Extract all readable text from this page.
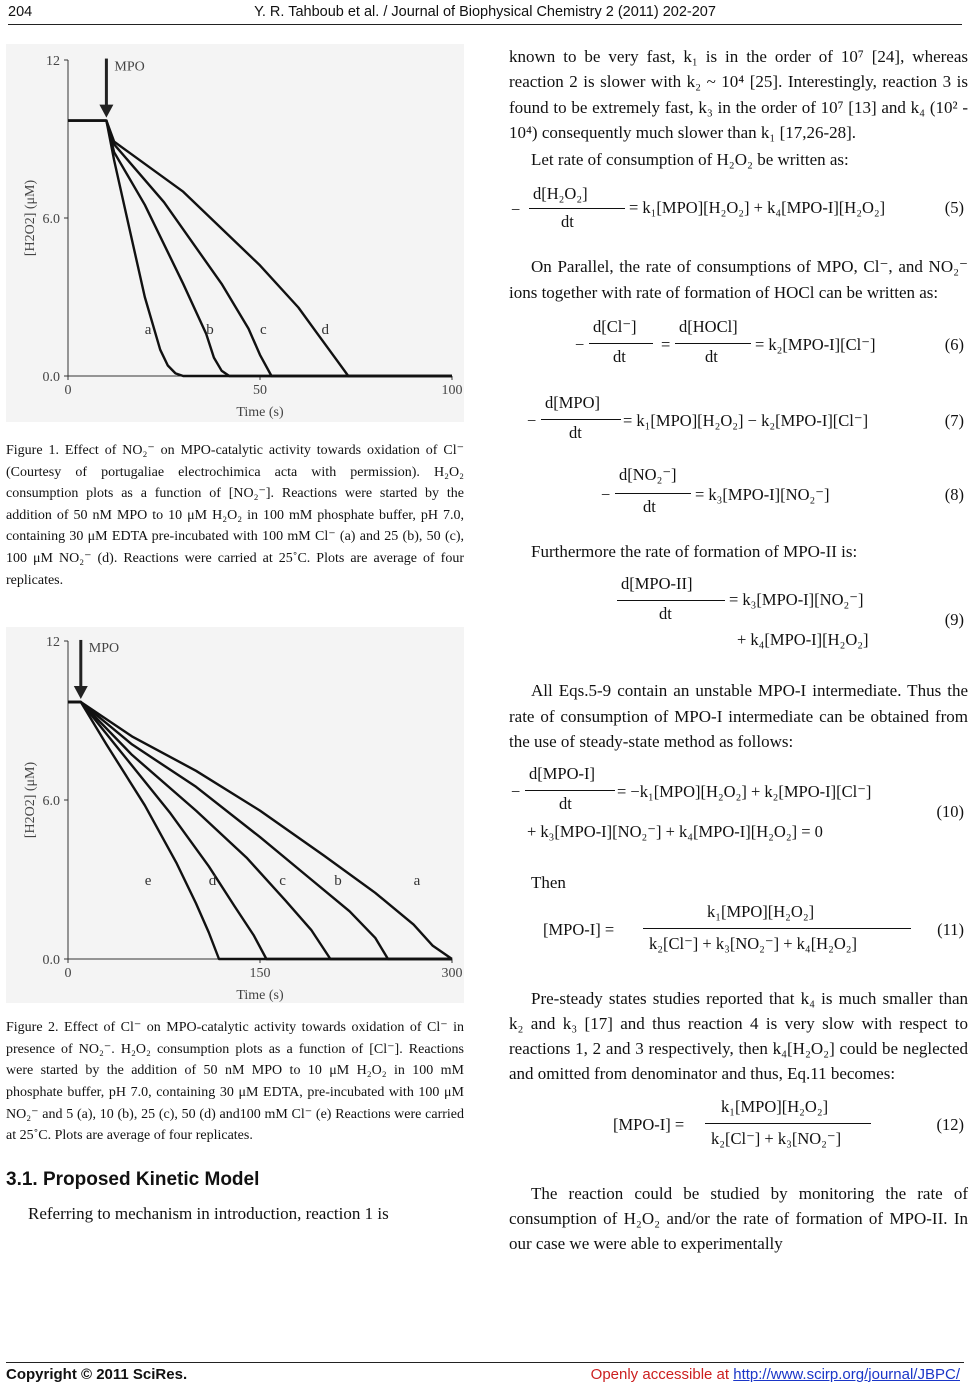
204	Y. R. Tahboub et al. / Journal of Biophysical Chemistry 2 (2011) 202-207
0.0
6.0
12
0	50	100
Time (s)
[H2O2] (μM)
MPO
a	b	c	d

Figure 1. Effect of NO₂⁻ on MPO-catalytic activity towards oxidation of Cl⁻ (Courtesy of portugaliae electrochimica acta with permission). H₂O₂ consumption plots as a function of [NO₂⁻]. Reactions were started by the addition of 50 nM MPO to 10 μM H₂O₂ in 100 mM phosphate buffer, pH 7.0, containing 30 μM EDTA pre-incubated with 100 mM Cl⁻ (a) and 25 (b), 50 (c), 100 μM NO₂⁻ (d). Reactions were carried at 25˚C. Plots are average of four replicates.

0.0
6.0
12
0	150	300
Time (s)
[H2O2] (μM)
MPO
a
b
c
d
e

Figure 2. Effect of Cl⁻ on MPO-catalytic activity towards oxidation of Cl⁻ in presence of NO₂⁻. H₂O₂ consumption plots as a function of [Cl⁻]. Reactions were started by the addition of 50 nM MPO to 10 μM H₂O₂ in 100 mM phosphate buffer, pH 7.0, containing 30 μM EDTA, pre-incubated with 100 μM NO₂⁻ and 5 (a), 10 (b), 25 (c), 50 (d) and100 mM Cl⁻ (e) Reactions were carried at 25˚C. Plots are average of four replicates.

3.1. Proposed Kinetic Model

Referring to mechanism in introduction, reaction 1 is

known to be very fast, k₁ is in the order of 10⁷ [24], whereas reaction 2 is slower with k₂ ~ 10⁴ [25]. Interestingly, reaction 3 is found to be extremely fast, k₃ in the order of 10⁷ [13] and k₄ (10² - 10⁴) consequently much slower than k₁ [17,26-28].

Let rate of consumption of H₂O₂ be written as:

−
d[H₂O₂]
dt
= k₁[MPO][H₂O₂] + k₄[MPO-I][H₂O₂]	(5)

On Parallel, the rate of consumptions of MPO, Cl⁻, and NO₂⁻ ions together with rate of formation of HOCl can be written as:

−
d[Cl⁻]
dt
=
d[HOCl]
dt
= k₂[MPO-I][Cl⁻]	(6)
−
d[MPO]
dt
= k₁[MPO][H₂O₂] − k₂[MPO-I][Cl⁻]	(7)
−
d[NO₂⁻]
dt
= k₃[MPO-I][NO₂⁻]	(8)

Furthermore the rate of formation of MPO-II is:

d[MPO-II]
dt
= k₃[MPO-I][NO₂⁻]
+ k₄[MPO-I][H₂O₂]
(9)

All Eqs.5-9 contain an unstable MPO-I intermediate. Thus the rate of consumption of MPO-I intermediate can be obtained from the use of steady-state method as follows:

−
d[MPO-I]
dt
= −k₁[MPO][H₂O₂] + k₂[MPO-I][Cl⁻]
+ k₃[MPO-I][NO₂⁻] + k₄[MPO-I][H₂O₂] = 0
(10)

Then

[MPO-I] =
k₁[MPO][H₂O₂]
k₂[Cl⁻] + k₃[NO₂⁻] + k₄[H₂O₂]
(11)

Pre-steady states studies reported that k₄ is much smaller than k₂ and k₃ [17] and thus reaction 4 is very slow with respect to reactions 1, 2 and 3 respectively, then k₄[H₂O₂] could be neglected and omitted from denominator and thus, Eq.11 becomes:

[MPO-I] =
k₁[MPO][H₂O₂]
k₂[Cl⁻] + k₃[NO₂⁻]
(12)

The reaction could be studied by monitoring the rate of consumption of H₂O₂ and/or the rate of formation of MPO-II. In our case we were able to experimentally

Copyright © 2011 SciRes.	Openly accessible at http://www.scirp.org/journal/JBPC/
